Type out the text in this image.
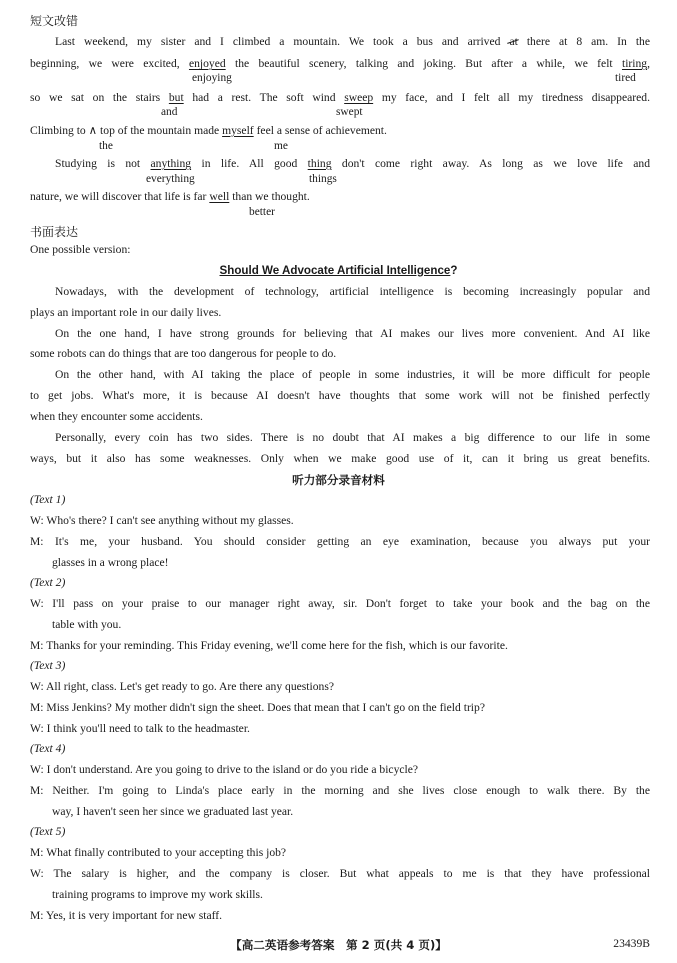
短文改错
Last weekend, my sister and I climbed a mountain. We took a bus and arrived at there at 8 am. In the
beginning, we were excited, enjoyed the beautiful scenery, talking and joking. But after a while, we felt tiring,
enjoying	tired
so we sat on the stairs but had a rest. The soft wind sweep my face, and I felt all my tiredness disappeared.
and	swept
Climbing to ∧ top of the mountain made myself feel a sense of achievement.
the	me
Studying is not anything in life. All good thing don't come right away. As long as we love life and
everything	things
nature, we will discover that life is far well than we thought.
better
书面表达
One possible version:
Should We Advocate Artificial Intelligence?
Nowadays, with the development of technology, artificial intelligence is becoming increasingly popular and
plays an important role in our daily lives.
On the one hand, I have strong grounds for believing that AI makes our lives more convenient. And AI like
some robots can do things that are too dangerous for people to do.
On the other hand, with AI taking the place of people in some industries, it will be more difficult for people
to get jobs. What's more, it is because AI doesn't have thoughts that some work will not be finished perfectly
when they encounter some accidents.
Personally, every coin has two sides. There is no doubt that AI makes a big difference to our life in some
ways, but it also has some weaknesses. Only when we make good use of it, can it bring us great benefits.
听力部分录音材料
(Text 1)
W: Who's there? I can't see anything without my glasses.
M: It's me, your husband. You should consider getting an eye examination, because you always put your
glasses in a wrong place!
(Text 2)
W: I'll pass on your praise to our manager right away, sir. Don't forget to take your book and the bag on the
table with you.
M: Thanks for your reminding. This Friday evening, we'll come here for the fish, which is our favorite.
(Text 3)
W: All right, class. Let's get ready to go. Are there any questions?
M: Miss Jenkins? My mother didn't sign the sheet. Does that mean that I can't go on the field trip?
W: I think you'll need to talk to the headmaster.
(Text 4)
W: I don't understand. Are you going to drive to the island or do you ride a bicycle?
M: Neither. I'm going to Linda's place early in the morning and she lives close enough to walk there. By the
way, I haven't seen her since we graduated last year.
(Text 5)
M: What finally contributed to your accepting this job?
W: The salary is higher, and the company is closer. But what appeals to me is that they have professional
training programs to improve my work skills.
M: Yes, it is very important for new staff.
【高二英语参考答案　第 2 页(共 4 页)】	23439B
